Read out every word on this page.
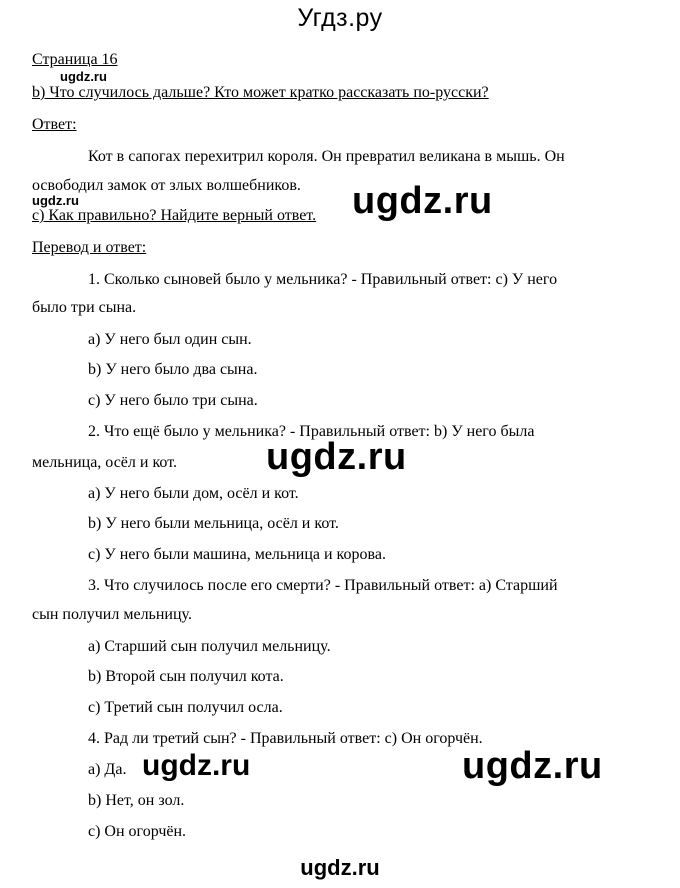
Угдз.ру
Страница 16
ugdz.ru
b) Что случилось дальше? Кто может кратко рассказать по-русски?
Ответ:
Кот в сапогах перехитрил короля. Он превратил великана в мышь. Он
освободил замок от злых волшебников.
ugdz.ru
c) Как правильно? Найдите верный ответ. ugdz.ru
Перевод и ответ:
1. Сколько сыновей было у мельника? - Правильный ответ: c) У него
было три сына.
a) У него был один сын.
b) У него было два сына.
c) У него было три сына.
2. Что ещё было у мельника? - Правильный ответ: b) У него была
мельница, осёл и кот. ugdz.ru
a) У него были дом, осёл и кот.
b) У него были мельница, осёл и кот.
c) У него были машина, мельница и корова.
3. Что случилось после его смерти? - Правильный ответ: a) Старший
сын получил мельницу.
a) Старший сын получил мельницу.
b) Второй сын получил кота.
c) Третий сын получил осла.
4. Рад ли третий сын? - Правильный ответ: c) Он огорчён.
a) Да. ugdz.ru	ugdz.ru
b) Нет, он зол.
c) Он огорчён.
ugdz.ru
